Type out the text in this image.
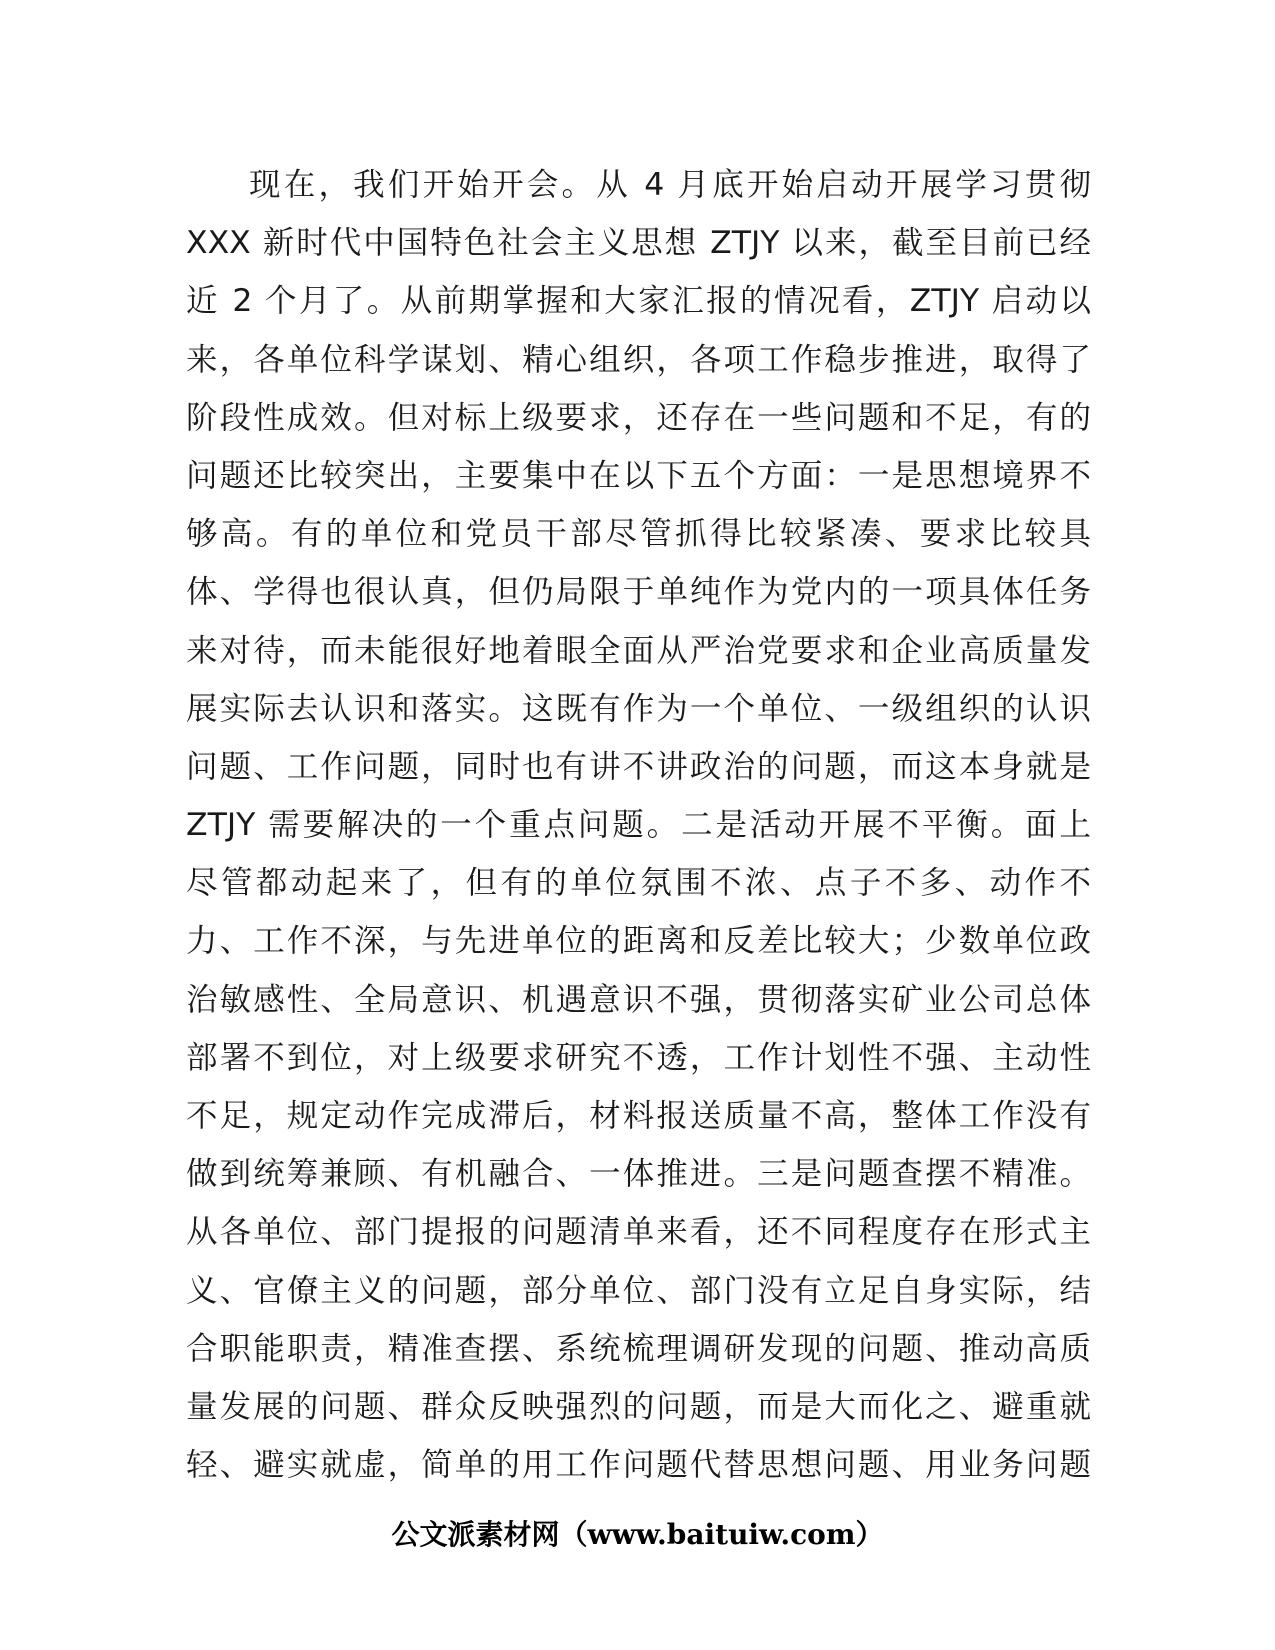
现在，我们开始开会。从 4 月底开始启动开展学习贯彻
XXX 新时代中国特色社会主义思想 ZTJY 以来，截至目前已经
近 2 个月了。从前期掌握和大家汇报的情况看，ZTJY 启动以
来，各单位科学谋划、精心组织，各项工作稳步推进，取得了
阶段性成效。但对标上级要求，还存在一些问题和不足，有的
问题还比较突出，主要集中在以下五个方面：一是思想境界不
够高。有的单位和党员干部尽管抓得比较紧凑、要求比较具
体、学得也很认真，但仍局限于单纯作为党内的一项具体任务
来对待，而未能很好地着眼全面从严治党要求和企业高质量发
展实际去认识和落实。这既有作为一个单位、一级组织的认识
问题、工作问题，同时也有讲不讲政治的问题，而这本身就是
ZTJY 需要解决的一个重点问题。二是活动开展不平衡。面上
尽管都动起来了，但有的单位氛围不浓、点子不多、动作不
力、工作不深，与先进单位的距离和反差比较大；少数单位政
治敏感性、全局意识、机遇意识不强，贯彻落实矿业公司总体
部署不到位，对上级要求研究不透，工作计划性不强、主动性
不足，规定动作完成滞后，材料报送质量不高，整体工作没有
做到统筹兼顾、有机融合、一体推进。三是问题查摆不精准。
从各单位、部门提报的问题清单来看，还不同程度存在形式主
义、官僚主义的问题，部分单位、部门没有立足自身实际，结
合职能职责，精准查摆、系统梳理调研发现的问题、推动高质
量发展的问题、群众反映强烈的问题，而是大而化之、避重就
轻、避实就虚，简单的用工作问题代替思想问题、用业务问题
公文派素材网（www.baituiw.com）
